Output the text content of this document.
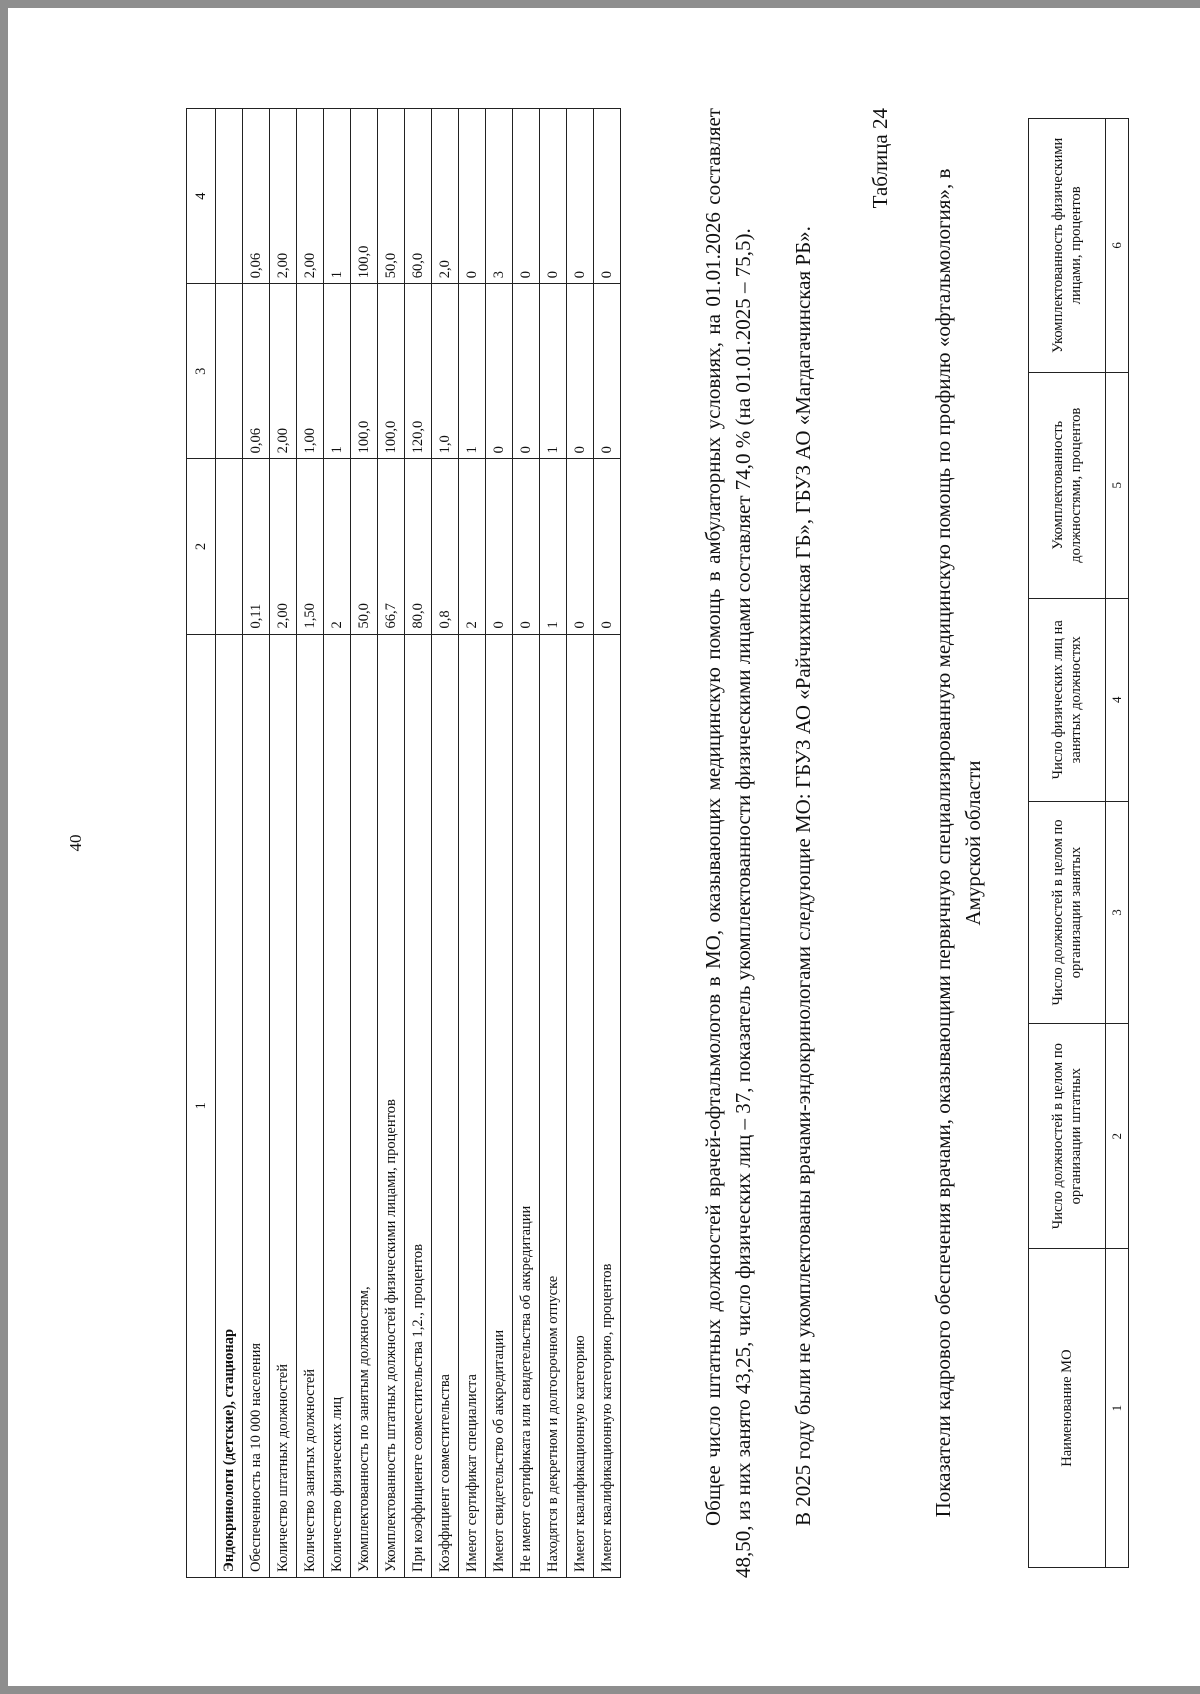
40
1	2	3	4
Эндокринологи (детские), стационар			
Обеспеченность на 10 000 населения	0,11	0,06	0,06
Количество штатных должностей	2,00	2,00	2,00
Количество занятых должностей	1,50	1,00	2,00
Количество физических лиц	2	1	1
Укомплектованность по занятым должностям,	50,0	100,0	100,0
Укомплектованность штатных должностей физическими лицами, процентов	66,7	100,0	50,0
При коэффициенте совместительства 1,2., процентов	80,0	120,0	60,0
Коэффициент совместительства	0,8	1,0	2,0
Имеют сертификат специалиста	2	1	0
Имеют свидетельство об аккредитации	0	0	3
Не имеют сертификата или свидетельства об аккредитации	0	0	0
Находятся в декретном и долгосрочном отпуске	1	1	0
Имеют квалификационную категорию	0	0	0
Имеют квалификационную категорию, процентов	0	0	0	Общее число штатных должностей врачей-офтальмологов в МО, оказывающих медицинскую помощь в амбулаторных условиях, на 01.01.2026 составляет 48,50, из них занято 43,25, число физических лиц – 37, показатель укомплектованности физическими лицами составляет 74,0 % (на 01.01.2025 – 75,5). В 2025 году были не укомплектованы врачами-эндокринологами следующие МО: ГБУЗ АО «Райчихинская ГБ», ГБУЗ АО «Магдагачинская РБ».

Таблица 24
Показатели кадрового обеспечения врачами, оказывающими первичную специализированную медицинскую помощь по профилю «офтальмология», в Амурской области
Наименование МО	Число должностей в целом по организации штатных	Число должностей в целом по организации занятых	Число физических лиц на занятых должностях	Укомплектованность должностями, процентов	Укомплектованность физическими лицами, процентов
1	2	3	4	5	6
